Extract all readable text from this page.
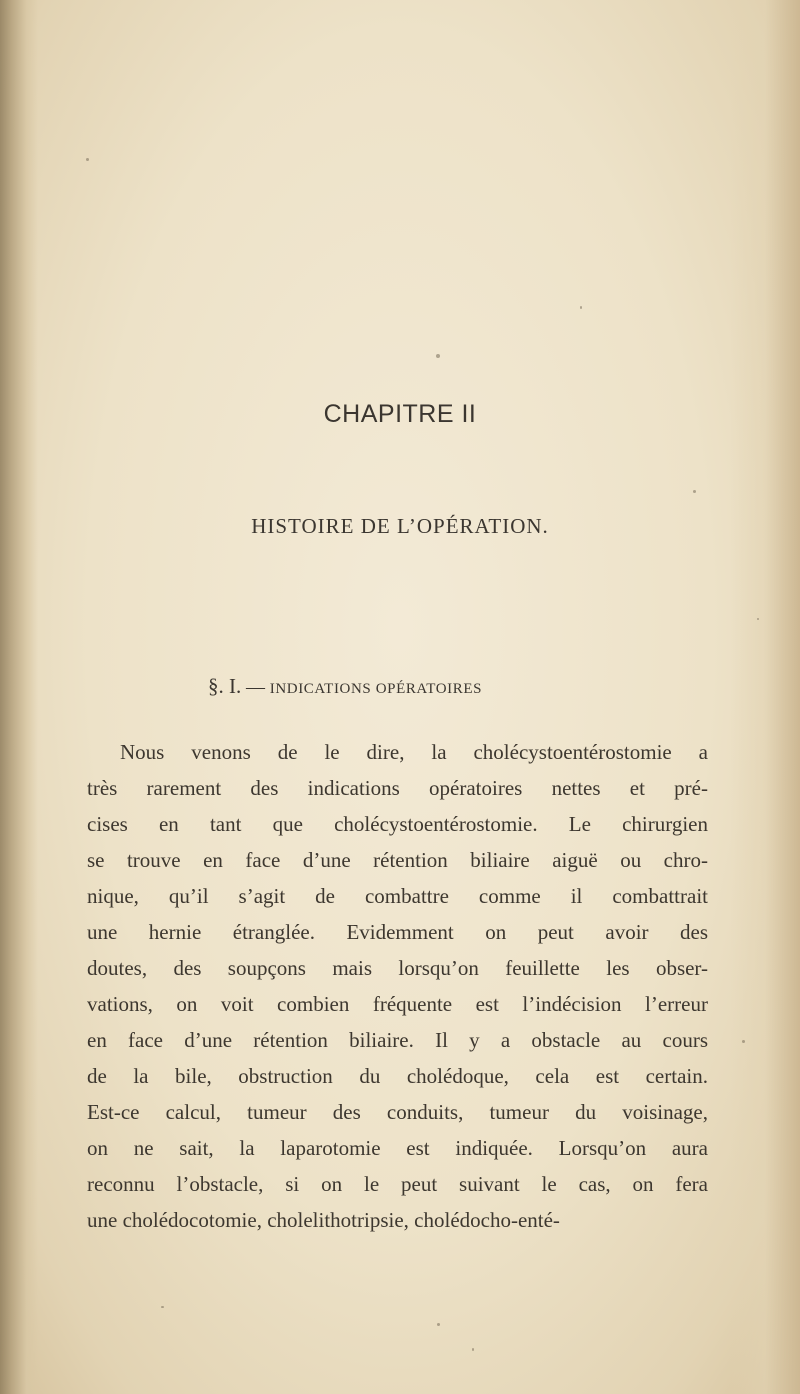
CHAPITRE II
HISTOIRE DE L’OPÉRATION.
§. I. — INDICATIONS OPÉRATOIRES
Nous venons de le dire, la cholécystoentérostomie a
très rarement des indications opératoires nettes et pré-
cises en tant que cholécystoentérostomie. Le chirurgien
se trouve en face d’une rétention biliaire aiguë ou chro-
nique, qu’il s’agit de combattre comme il combattrait
une hernie étranglée. Evidemment on peut avoir des
doutes, des soupçons mais lorsqu’on feuillette les obser-
vations, on voit combien fréquente est l’indécision l’erreur
en face d’une rétention biliaire. Il y a obstacle au cours
de la bile, obstruction du cholédoque, cela est certain.
Est-ce calcul, tumeur des conduits, tumeur du voisinage,
on ne sait, la laparotomie est indiquée. Lorsqu’on aura
reconnu l’obstacle, si on le peut suivant le cas, on fera
une cholédocotomie, cholelithotripsie, cholédocho-enté-
